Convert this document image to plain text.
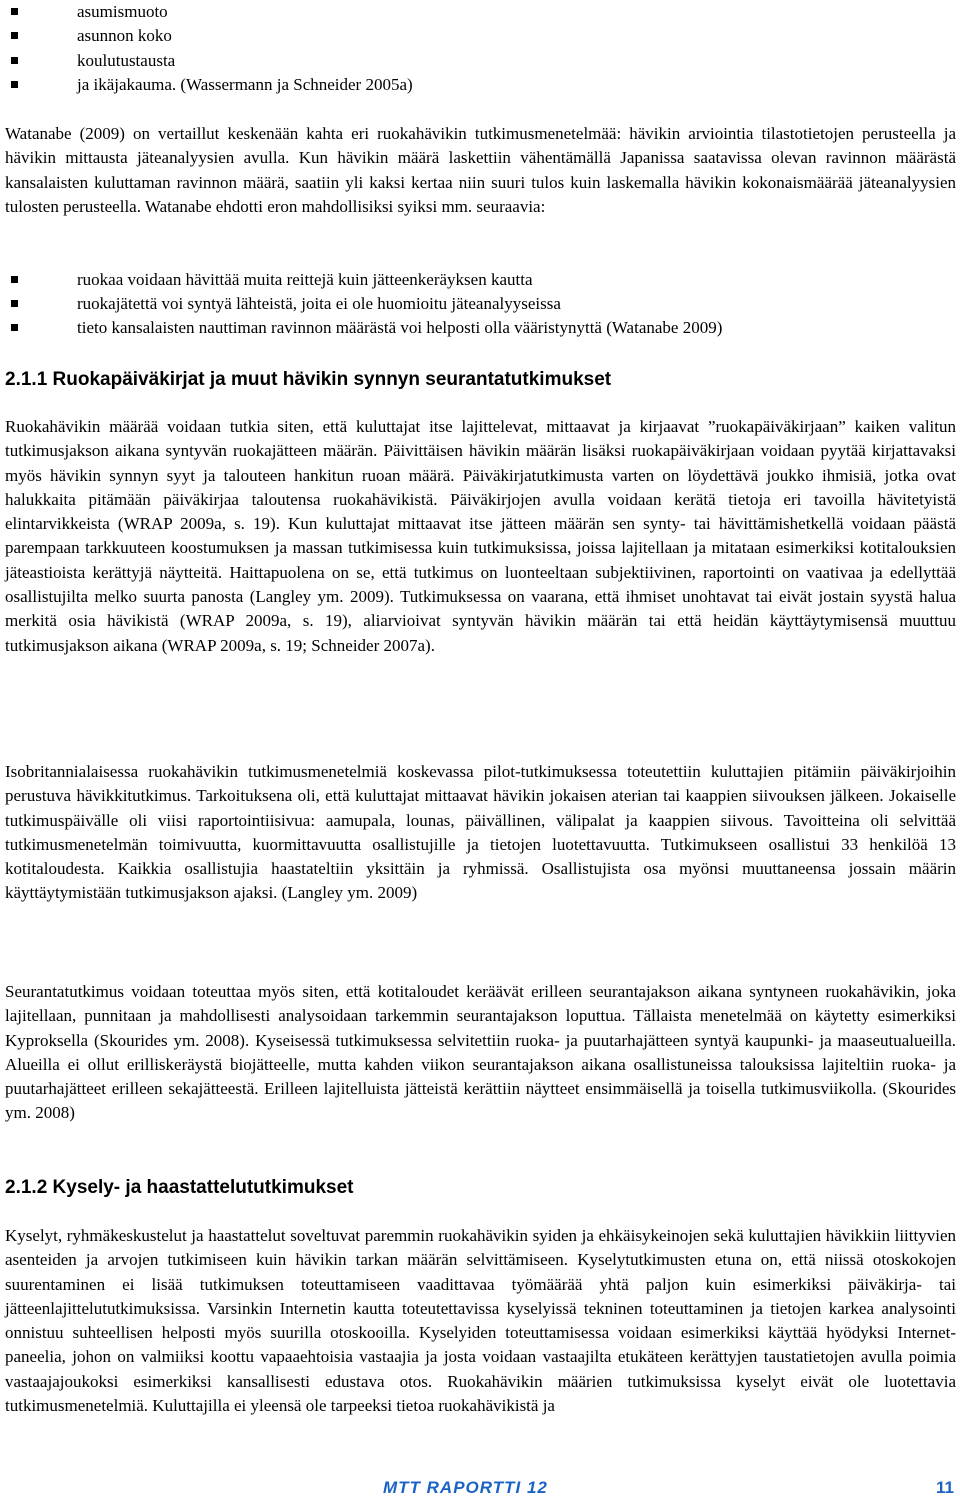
asumismuoto
asunnon koko
koulutustausta
ja ikäjakauma. (Wassermann ja Schneider 2005a)

Watanabe (2009) on vertaillut keskenään kahta eri ruokahävikin tutkimusmenetelmää: hävikin arviointia tilastotietojen perusteella ja hävikin mittausta jäteanalyysien avulla. Kun hävikin määrä laskettiin vähentämällä Japanissa saatavissa olevan ravinnon määrästä kansalaisten kuluttaman ravinnon määrä, saatiin yli kaksi kertaa niin suuri tulos kuin laskemalla hävikin kokonaismäärää jäteanalyysien tulosten perusteella. Watanabe ehdotti eron mahdollisiksi syiksi mm. seuraavia:

ruokaa voidaan hävittää muita reittejä kuin jätteenkeräyksen kautta
ruokajätettä voi syntyä lähteistä, joita ei ole huomioitu jäteanalyyseissa
tieto kansalaisten nauttiman ravinnon määrästä voi helposti olla vääristynyttä (Watanabe 2009)
2.1.1 Ruokapäiväkirjat ja muut hävikin synnyn seurantatutkimukset

Ruokahävikin määrää voidaan tutkia siten, että kuluttajat itse lajittelevat, mittaavat ja kirjaavat ”ruokapäiväkirjaan” kaiken valitun tutkimusjakson aikana syntyvän ruokajätteen määrän. Päivittäisen hävikin määrän lisäksi ruokapäiväkirjaan voidaan pyytää kirjattavaksi myös hävikin synnyn syyt ja talouteen hankitun ruoan määrä. Päiväkirjatutkimusta varten on löydettävä joukko ihmisiä, jotka ovat halukkaita pitämään päiväkirjaa taloutensa ruokahävikistä. Päiväkirjojen avulla voidaan kerätä tietoja eri tavoilla hävitetyistä elintarvikkeista (WRAP 2009a, s. 19). Kun kuluttajat mittaavat itse jätteen määrän sen synty- tai hävittämishetkellä voidaan päästä parempaan tarkkuuteen koostumuksen ja massan tutkimisessa kuin tutkimuksissa, joissa lajitellaan ja mitataan esimerkiksi kotitalouksien jäteastioista kerättyjä näytteitä. Haittapuolena on se, että tutkimus on luonteeltaan subjektiivinen, raportointi on vaativaa ja edellyttää osallistujilta melko suurta panosta (Langley ym. 2009). Tutkimuksessa on vaarana, että ihmiset unohtavat tai eivät jostain syystä halua merkitä osia hävikistä (WRAP 2009a, s. 19), aliarvioivat syntyvän hävikin määrän tai että heidän käyttäytymisensä muuttuu tutkimusjakson aikana (WRAP 2009a, s. 19; Schneider 2007a).

Isobritannialaisessa ruokahävikin tutkimusmenetelmiä koskevassa pilot-tutkimuksessa toteutettiin kuluttajien pitämiin päiväkirjoihin perustuva hävikkitutkimus. Tarkoituksena oli, että kuluttajat mittaavat hävikin jokaisen aterian tai kaappien siivouksen jälkeen. Jokaiselle tutkimuspäivälle oli viisi raportointiisivua: aamupala, lounas, päivällinen, välipalat ja kaappien siivous. Tavoitteina oli selvittää tutkimusmenetelmän toimivuutta, kuormittavuutta osallistujille ja tietojen luotettavuutta. Tutkimukseen osallistui 33 henkilöä 13 kotitaloudesta. Kaikkia osallistujia haastateltiin yksittäin ja ryhmissä. Osallistujista osa myönsi muuttaneensa jossain määrin käyttäytymistään tutkimusjakson ajaksi. (Langley ym. 2009)

Seurantatutkimus voidaan toteuttaa myös siten, että kotitaloudet keräävät erilleen seurantajakson aikana syntyneen ruokahävikin, joka lajitellaan, punnitaan ja mahdollisesti analysoidaan tarkemmin seurantajakson loputtua. Tällaista menetelmää on käytetty esimerkiksi Kyproksella (Skourides ym. 2008). Kyseisessä tutkimuksessa selvitettiin ruoka- ja puutarhajätteen syntyä kaupunki- ja maaseutualueilla. Alueilla ei ollut erilliskeräystä biojätteelle, mutta kahden viikon seurantajakson aikana osallistuneissa talouksissa lajiteltiin ruoka- ja puutarhajätteet erilleen sekajätteestä. Erilleen lajitelluista jätteistä kerättiin näytteet ensimmäisellä ja toisella tutkimusviikolla. (Skourides ym. 2008)

2.1.2 Kysely- ja haastattelututkimukset

Kyselyt, ryhmäkeskustelut ja haastattelut soveltuvat paremmin ruokahävikin syiden ja ehkäisykeinojen sekä kuluttajien hävikkiin liittyvien asenteiden ja arvojen tutkimiseen kuin hävikin tarkan määrän selvittämiseen. Kyselytutkimusten etuna on, että niissä otoskokojen suurentaminen ei lisää tutkimuksen toteuttamiseen vaadittavaa työmäärää yhtä paljon kuin esimerkiksi päiväkirja- tai jätteenlajittelututkimuksissa. Varsinkin Internetin kautta toteutettavissa kyselyissä tekninen toteuttaminen ja tietojen karkea analysointi onnistuu suhteellisen helposti myös suurilla otoskooilla. Kyselyiden toteuttamisessa voidaan esimerkiksi käyttää hyödyksi Internet-paneelia, johon on valmiiksi koottu vapaaehtoisia vastaajia ja josta voidaan vastaajilta etukäteen kerättyjen taustatietojen avulla poimia vastaajajoukoksi esimerkiksi kansallisesti edustava otos. Ruokahävikin määrien tutkimuksissa kyselyt eivät ole luotettavia tutkimusmenetelmiä. Kuluttajilla ei yleensä ole tarpeeksi tietoa ruokahävikistä ja

MTT RAPORTTI 12	11
